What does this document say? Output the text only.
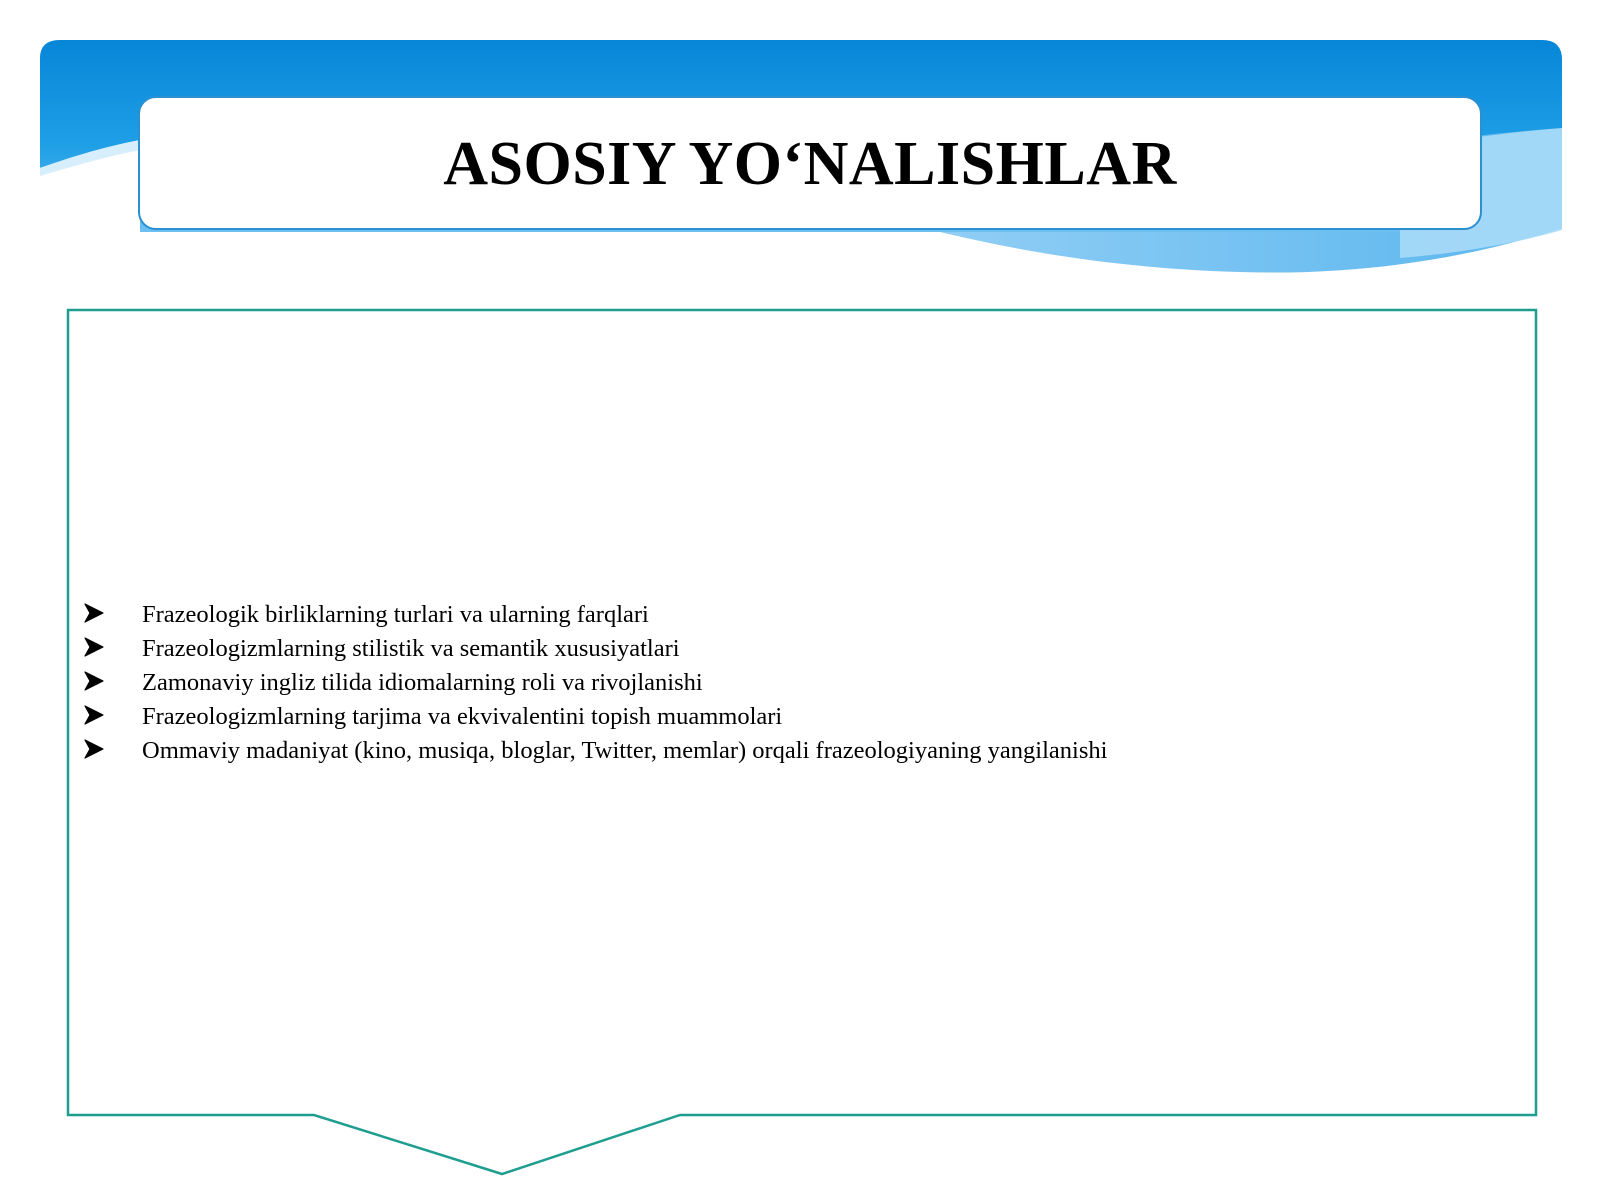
ASOSIY YO‘NALISHLAR
Frazeologik birliklarning turlari va ularning farqlari
Frazeologizmlarning stilistik va semantik xususiyatlari
Zamonaviy ingliz tilida idiomalarning roli va rivojlanishi
Frazeologizmlarning tarjima va ekvivalentini topish muammolari
Ommaviy madaniyat (kino, musiqa, bloglar, Twitter, memlar) orqali frazeologiyaning yangilanishi
